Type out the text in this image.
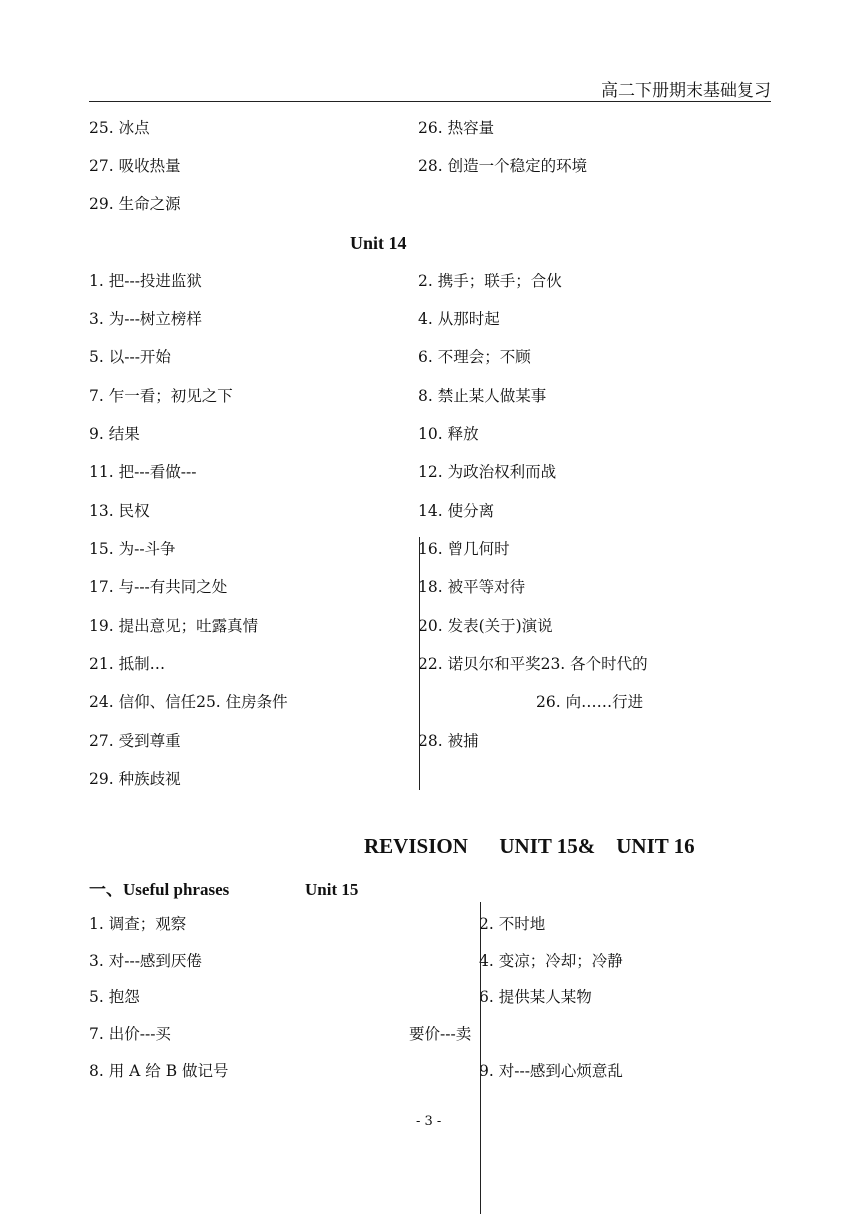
高二下册期末基础复习
25. 冰点	26. 热容量
27. 吸收热量	28. 创造一个稳定的环境
29. 生命之源
Unit 14
1. 把---投进监狱	2. 携手；联手；合伙
3. 为---树立榜样	4. 从那时起
5. 以---开始	6. 不理会；不顾
7. 乍一看；初见之下	8. 禁止某人做某事
9. 结果	10. 释放
11. 把---看做---	12. 为政治权利而战
13. 民权	14. 使分离
15. 为--斗争	16. 曾几何时
17. 与---有共同之处	18. 被平等对待
19. 提出意见；吐露真情	20. 发表(关于)演说
21. 抵制…	22. 诺贝尔和平奖23. 各个时代的
24. 信仰、信任25. 住房条件	26. 向……行进
27. 受到尊重	28. 被捕
29. 种族歧视
REVISION      UNIT 15&    UNIT 16
一、Useful phrases	Unit 15
1. 调查；观察	2. 不时地
3. 对---感到厌倦	4. 变凉；冷却；冷静
5. 抱怨	6. 提供某人某物
7. 出价---买	要价---卖
8. 用 A 给 B 做记号	9. 对---感到心烦意乱
- 3 -
